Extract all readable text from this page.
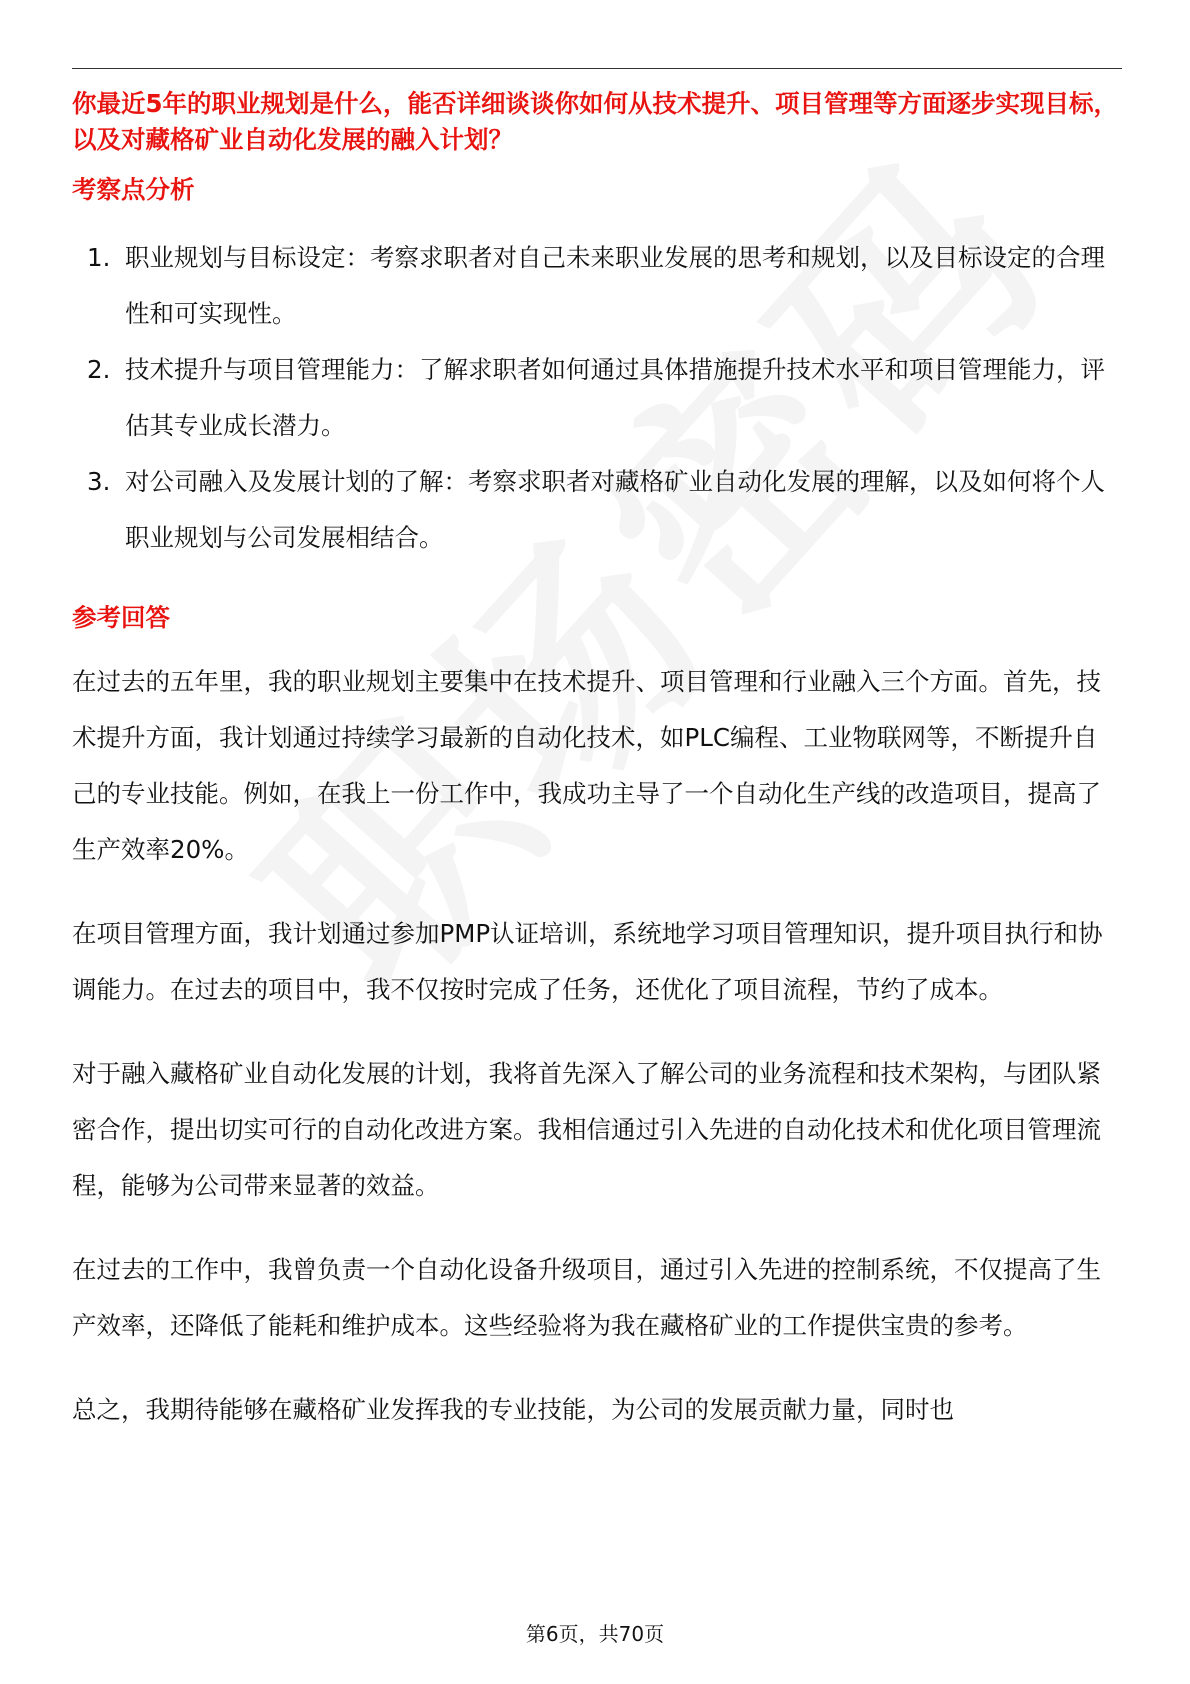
你最近5年的职业规划是什么，能否详细谈谈你如何从技术提升、项目管理等方面逐步实现目标，以及对藏格矿业自动化发展的融入计划？

考察点分析

1. 职业规划与目标设定：考察求职者对自己未来职业发展的思考和规划，以及目标设定的合理性和可实现性。
2. 技术提升与项目管理能力：了解求职者如何通过具体措施提升技术水平和项目管理能力，评估其专业成长潜力。
3. 对公司融入及发展计划的了解：考察求职者对藏格矿业自动化发展的理解，以及如何将个人职业规划与公司发展相结合。

参考回答

在过去的五年里，我的职业规划主要集中在技术提升、项目管理和行业融入三个方面。首先，技术提升方面，我计划通过持续学习最新的自动化技术，如PLC编程、工业物联网等，不断提升自己的专业技能。例如，在我上一份工作中，我成功主导了一个自动化生产线的改造项目，提高了生产效率20%。

在项目管理方面，我计划通过参加PMP认证培训，系统地学习项目管理知识，提升项目执行和协调能力。在过去的项目中，我不仅按时完成了任务，还优化了项目流程，节约了成本。

对于融入藏格矿业自动化发展的计划，我将首先深入了解公司的业务流程和技术架构，与团队紧密合作，提出切实可行的自动化改进方案。我相信通过引入先进的自动化技术和优化项目管理流程，能够为公司带来显著的效益。

在过去的工作中，我曾负责一个自动化设备升级项目，通过引入先进的控制系统，不仅提高了生产效率，还降低了能耗和维护成本。这些经验将为我在藏格矿业的工作提供宝贵的参考。

总之，我期待能够在藏格矿业发挥我的专业技能，为公司的发展贡献力量，同时也

第6页，共70页
